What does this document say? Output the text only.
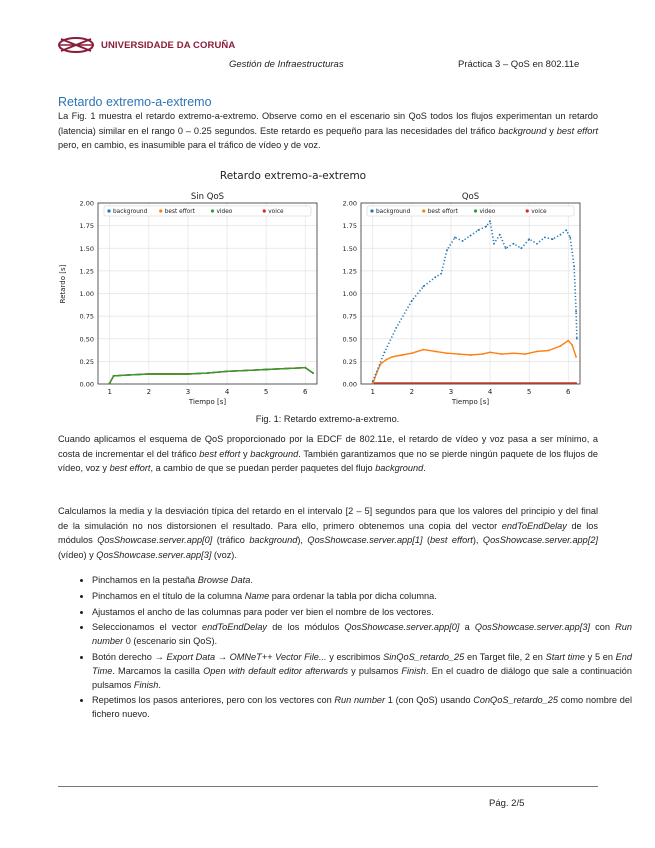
UNIVERSIDADE DA CORUÑA
Gestión de Infraestructuras	Práctica 3 – QoS en 802.11e
Retardo extremo-a-extremo

La Fig. 1 muestra el retardo extremo-a-extremo. Observe como en el escenario sin QoS todos los flujos experimentan un retardo (latencia) similar en el rango 0 – 0.25 segundos. Este retardo es pequeño para las necesidades del tráfico background y best effort pero, en cambio, es inasumible para el tráfico de vídeo y de voz.

Retardo extremo-a-extremo
Retardo [s]
0.00
0.25
0.50
0.75
1.00
1.25
1.50
1.75
2.00
1	2	3	4	5	6
Sin QoS
Tiempo [s]
background	best effort	video	voice
0.00
0.25
0.50
0.75
1.00
1.25
1.50
1.75
2.00
1	2	3	4	5	6
QoS
Tiempo [s]
background	best effort	video	voice
Fig. 1: Retardo extremo-a-extremo.

Cuando aplicamos el esquema de QoS proporcionado por la EDCF de 802.11e, el retardo de vídeo y voz pasa a ser mínimo, a costa de incrementar el del tráfico best effort y background. También garantizamos que no se pierde ningún paquete de los flujos de vídeo, voz y best effort, a cambio de que se puedan perder paquetes del flujo background.

Calculamos la media y la desviación típica del retardo en el intervalo [2 – 5] segundos para que los valores del principio y del final de la simulación no nos distorsionen el resultado. Para ello, primero obtenemos una copia del vector endToEndDelay de los módulos QosShowcase.server.app[0] (tráfico background), QosShowcase.server.app[1] (best effort), QosShowcase.server.app[2] (vídeo) y QosShowcase.server.app[3] (voz).

• Pinchamos en la pestaña Browse Data.
• Pinchamos en el título de la columna Name para ordenar la tabla por dicha columna.
• Ajustamos el ancho de las columnas para poder ver bien el nombre de los vectores.
• Seleccionamos el vector endToEndDelay de los módulos QosShowcase.server.app[0] a QosShowcase.server.app[3] con Run number 0 (escenario sin QoS).
• Botón derecho → Export Data → OMNeT++ Vector File... y escribimos SinQoS_retardo_25 en Target file, 2 en Start time y 5 en End Time. Marcamos la casilla Open with default editor afterwards y pulsamos Finish. En el cuadro de diálogo que sale a continuación pulsamos Finish.
• Repetimos los pasos anteriores, pero con los vectores con Run number 1 (con QoS) usando ConQoS_retardo_25 como nombre del fichero nuevo.
Pág. 2/5
